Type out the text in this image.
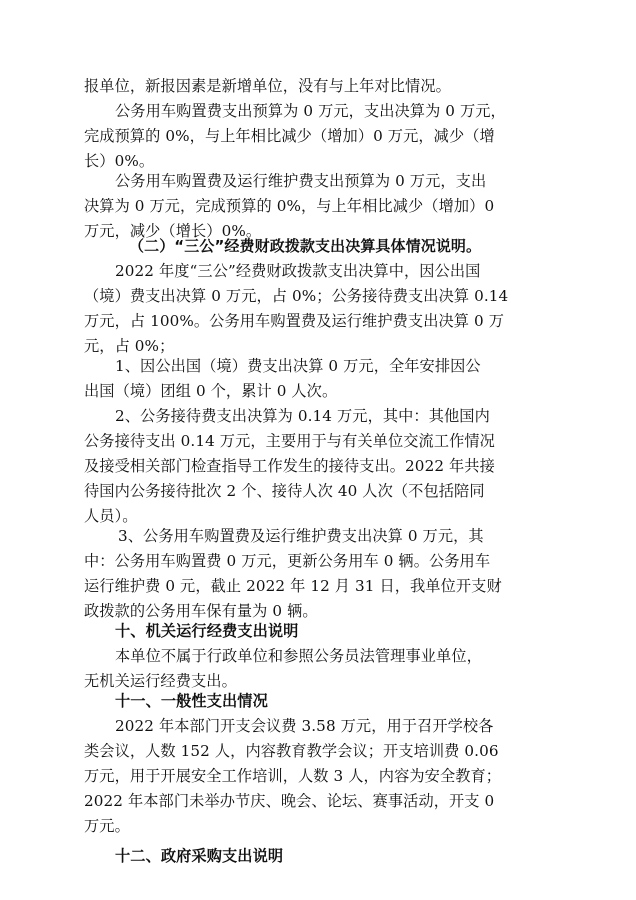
报单位，新报因素是新增单位，没有与上年对比情况。
公务用车购置费支出预算为 0 万元，支出决算为 0 万元，
完成预算的 0%，与上年相比减少（增加）0 万元，减少（增
长）0%。
公务用车购置费及运行维护费支出预算为 0 万元，支出
决算为 0 万元，完成预算的 0%，与上年相比减少（增加）0
万元，减少（增长）0%。
（二）“三公”经费财政拨款支出决算具体情况说明。
2022 年度“三公”经费财政拨款支出决算中，因公出国
（境）费支出决算 0 万元，占 0%；公务接待费支出决算 0.14
万元，占 100%。公务用车购置费及运行维护费支出决算 0 万
元，占 0%；
1、因公出国（境）费支出决算 0 万元，全年安排因公
出国（境）团组 0 个，累计 0 人次。
2、公务接待费支出决算为 0.14 万元，其中：其他国内
公务接待支出 0.14 万元，主要用于与有关单位交流工作情况
及接受相关部门检查指导工作发生的接待支出。2022 年共接
待国内公务接待批次 2 个、接待人次 40 人次（不包括陪同
人员）。
3、公务用车购置费及运行维护费支出决算 0 万元，其
中：公务用车购置费 0 万元，更新公务用车 0 辆。公务用车
运行维护费 0 元，截止 2022 年 12 月 31 日，我单位开支财
政拨款的公务用车保有量为 0 辆。
十、机关运行经费支出说明
本单位不属于行政单位和参照公务员法管理事业单位，
无机关运行经费支出。
十一、一般性支出情况
2022 年本部门开支会议费 3.58 万元，用于召开学校各
类会议，人数 152 人，内容教育教学会议；开支培训费 0.06
万元，用于开展安全工作培训，人数 3 人，内容为安全教育；
2022 年本部门未举办节庆、晚会、论坛、赛事活动，开支 0
万元。
十二、政府采购支出说明
